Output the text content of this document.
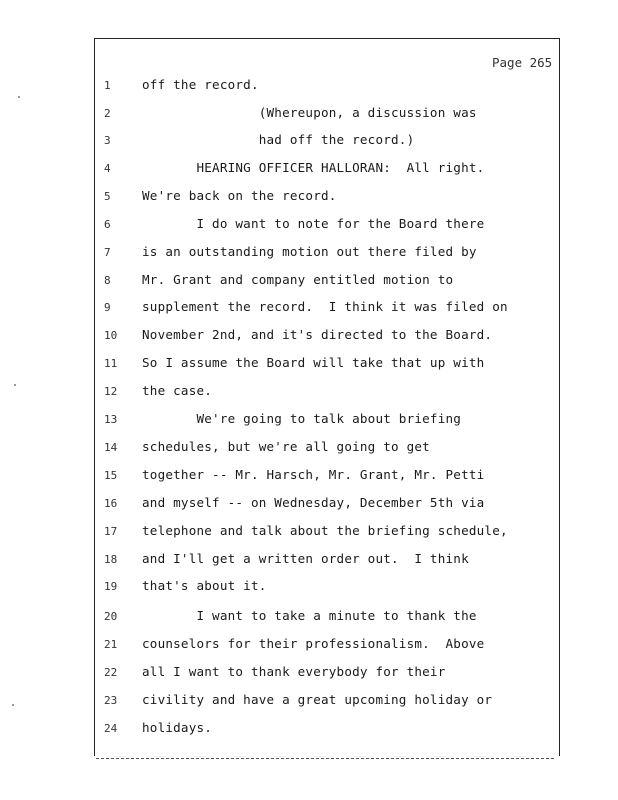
Page 265
1	off the record.
2	(Whereupon, a discussion was
3	had off the record.)
4	HEARING OFFICER HALLORAN:  All right.
5	We're back on the record.
6	I do want to note for the Board there
7	is an outstanding motion out there filed by
8	Mr. Grant and company entitled motion to
9	supplement the record.  I think it was filed on
10	November 2nd, and it's directed to the Board.
11	So I assume the Board will take that up with
12	the case.
13	We're going to talk about briefing
14	schedules, but we're all going to get
15	together -- Mr. Harsch, Mr. Grant, Mr. Petti
16	and myself -- on Wednesday, December 5th via
17	telephone and talk about the briefing schedule,
18	and I'll get a written order out.  I think
19	that's about it.
20	I want to take a minute to thank the
21	counselors for their professionalism.  Above
22	all I want to thank everybody for their
23	civility and have a great upcoming holiday or
24	holidays.
